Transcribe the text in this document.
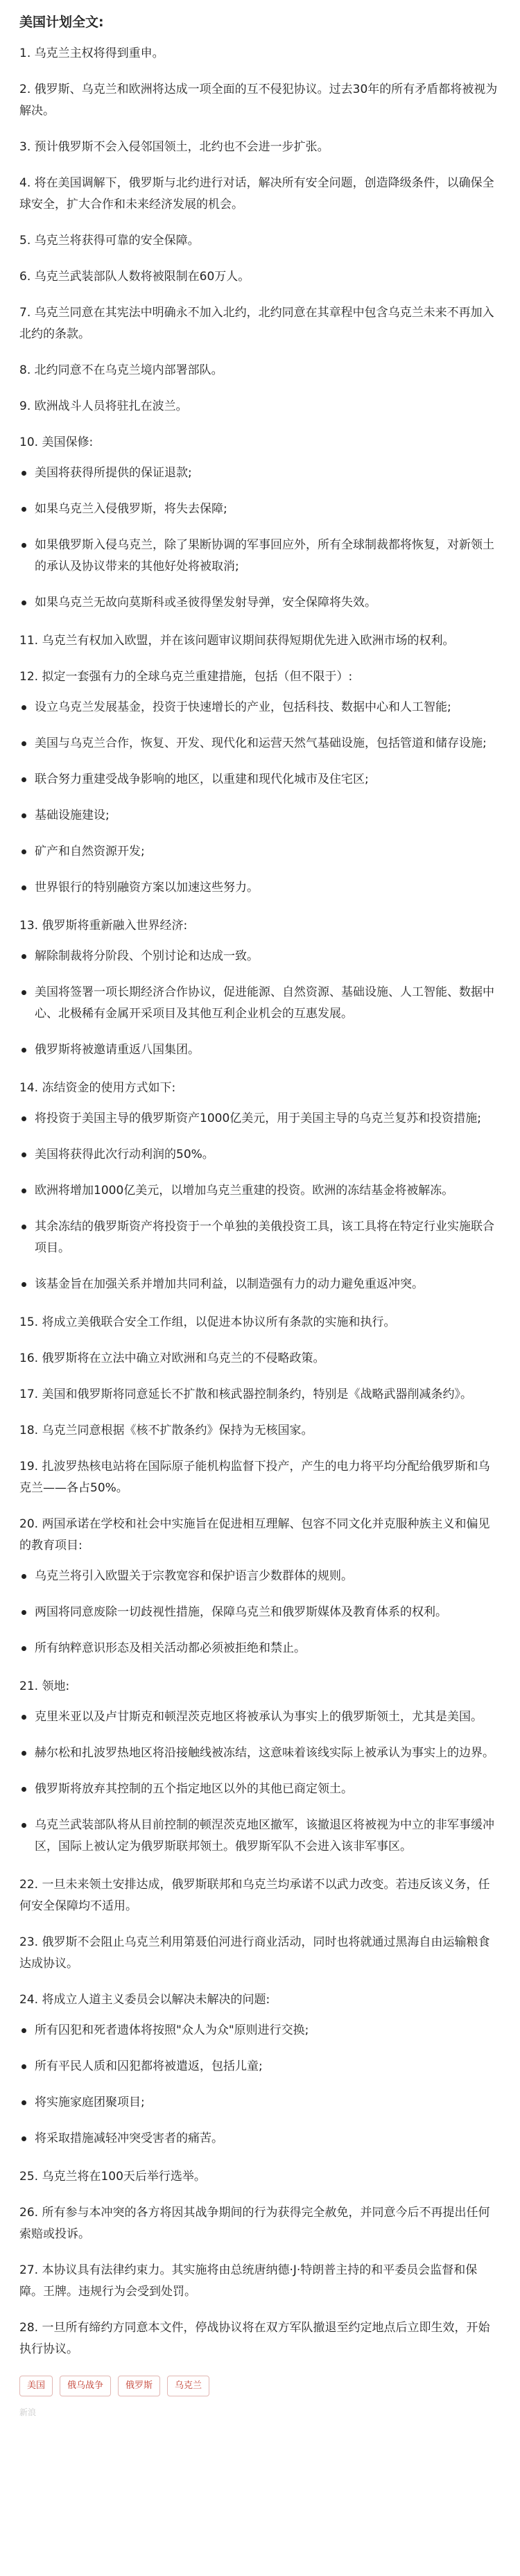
美国计划全文:
1. 乌克兰主权将得到重申。
2. 俄罗斯、乌克兰和欧洲将达成一项全面的互不侵犯协议。过去30年的所有矛盾都将被视为解决。
3. 预计俄罗斯不会入侵邻国领土，北约也不会进一步扩张。
4. 将在美国调解下，俄罗斯与北约进行对话，解决所有安全问题，创造降级条件，以确保全球安全，扩大合作和未来经济发展的机会。
5. 乌克兰将获得可靠的安全保障。
6. 乌克兰武装部队人数将被限制在60万人。
7. 乌克兰同意在其宪法中明确永不加入北约，北约同意在其章程中包含乌克兰未来不再加入北约的条款。
8. 北约同意不在乌克兰境内部署部队。
9. 欧洲战斗人员将驻扎在波兰。
10. 美国保修:
美国将获得所提供的保证退款;
如果乌克兰入侵俄罗斯，将失去保障;
如果俄罗斯入侵乌克兰，除了果断协调的军事回应外，所有全球制裁都将恢复，对新领土的承认及协议带来的其他好处将被取消;
如果乌克兰无故向莫斯科或圣彼得堡发射导弹，安全保障将失效。
11. 乌克兰有权加入欧盟，并在该问题审议期间获得短期优先进入欧洲市场的权利。
12. 拟定一套强有力的全球乌克兰重建措施，包括（但不限于）:
设立乌克兰发展基金，投资于快速增长的产业，包括科技、数据中心和人工智能;
美国与乌克兰合作，恢复、开发、现代化和运营天然气基础设施，包括管道和储存设施;
联合努力重建受战争影响的地区，以重建和现代化城市及住宅区;
基础设施建设;
矿产和自然资源开发;
世界银行的特别融资方案以加速这些努力。
13. 俄罗斯将重新融入世界经济:
解除制裁将分阶段、个别讨论和达成一致。
美国将签署一项长期经济合作协议，促进能源、自然资源、基础设施、人工智能、数据中心、北极稀有金属开采项目及其他互利企业机会的互惠发展。
俄罗斯将被邀请重返八国集团。
14. 冻结资金的使用方式如下:
将投资于美国主导的俄罗斯资产1000亿美元，用于美国主导的乌克兰复苏和投资措施;
美国将获得此次行动利润的50%。
欧洲将增加1000亿美元，以增加乌克兰重建的投资。欧洲的冻结基金将被解冻。
其余冻结的俄罗斯资产将投资于一个单独的美俄投资工具，该工具将在特定行业实施联合项目。
该基金旨在加强关系并增加共同利益，以制造强有力的动力避免重返冲突。
15. 将成立美俄联合安全工作组，以促进本协议所有条款的实施和执行。
16. 俄罗斯将在立法中确立对欧洲和乌克兰的不侵略政策。
17. 美国和俄罗斯将同意延长不扩散和核武器控制条约，特别是《战略武器削减条约》。
18. 乌克兰同意根据《核不扩散条约》保持为无核国家。
19. 扎波罗热核电站将在国际原子能机构监督下投产，产生的电力将平均分配给俄罗斯和乌克兰——各占50%。
20. 两国承诺在学校和社会中实施旨在促进相互理解、包容不同文化并克服种族主义和偏见的教育项目:
乌克兰将引入欧盟关于宗教宽容和保护语言少数群体的规则。
两国将同意废除一切歧视性措施，保障乌克兰和俄罗斯媒体及教育体系的权利。
所有纳粹意识形态及相关活动都必须被拒绝和禁止。
21. 领地:
克里米亚以及卢甘斯克和顿涅茨克地区将被承认为事实上的俄罗斯领土，尤其是美国。
赫尔松和扎波罗热地区将沿接触线被冻结，这意味着该线实际上被承认为事实上的边界。
俄罗斯将放弃其控制的五个指定地区以外的其他已商定领土。
乌克兰武装部队将从目前控制的顿涅茨克地区撤军，该撤退区将被视为中立的非军事缓冲区，国际上被认定为俄罗斯联邦领土。俄罗斯军队不会进入该非军事区。
22. 一旦未来领土安排达成，俄罗斯联邦和乌克兰均承诺不以武力改变。若违反该义务，任何安全保障均不适用。
23. 俄罗斯不会阻止乌克兰利用第聂伯河进行商业活动，同时也将就通过黑海自由运输粮食达成协议。
24. 将成立人道主义委员会以解决未解决的问题:
所有囚犯和死者遗体将按照"众人为众"原则进行交换;
所有平民人质和囚犯都将被遣返，包括儿童;
将实施家庭团聚项目;
将采取措施减轻冲突受害者的痛苦。
25. 乌克兰将在100天后举行选举。
26. 所有参与本冲突的各方将因其战争期间的行为获得完全赦免，并同意今后不再提出任何索赔或投诉。
27. 本协议具有法律约束力。其实施将由总统唐纳德·J·特朗普主持的和平委员会监督和保障。王牌。违规行为会受到处罚。
28. 一旦所有缔约方同意本文件，停战协议将在双方军队撤退至约定地点后立即生效，开始执行协议。
美国	俄乌战争	俄罗斯	乌克兰
新浪
